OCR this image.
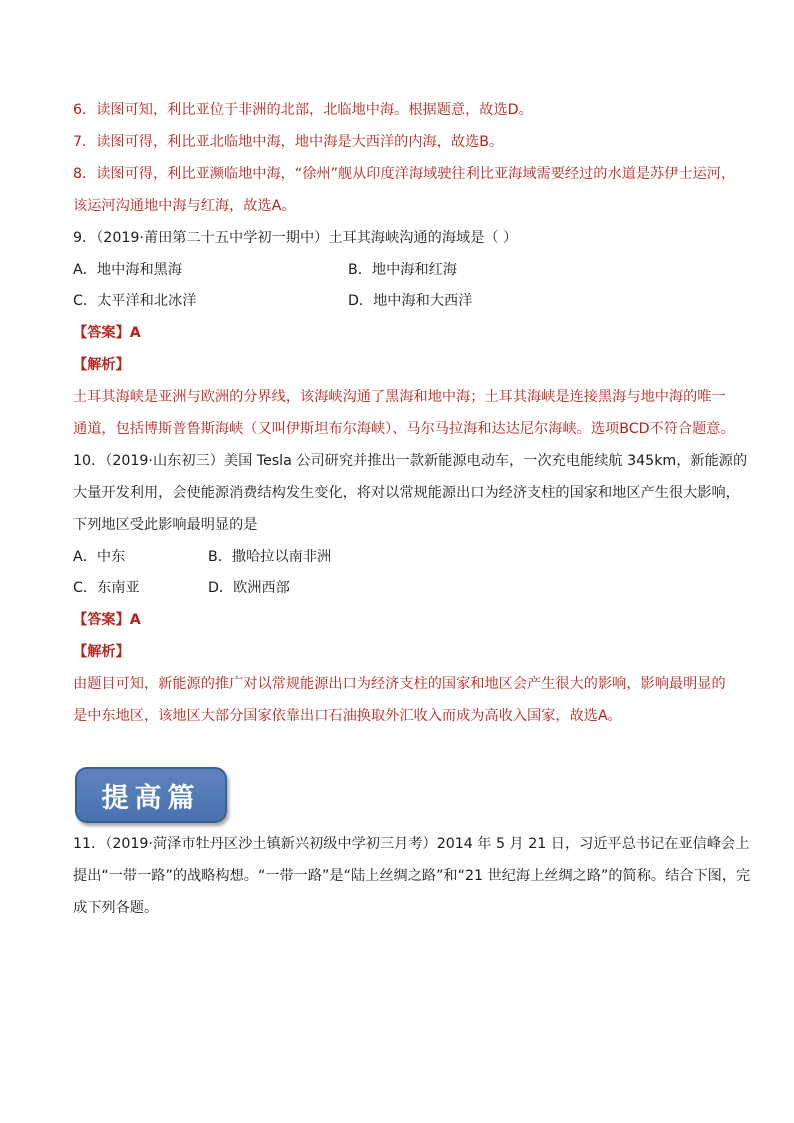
6．读图可知，利比亚位于非洲的北部，北临地中海。根据题意，故选D。
7．读图可得，利比亚北临地中海，地中海是大西洋的内海，故选B。
8．读图可得，利比亚濒临地中海，“徐州”舰从印度洋海域驶往利比亚海域需要经过的水道是苏伊士运河，
该运河沟通地中海与红海，故选A。
9．（2019·莆田第二十五中学初一期中）土耳其海峡沟通的海域是（ ）
A．地中海和黑海	B．地中海和红海
C．太平洋和北冰洋	D．地中海和大西洋
【答案】A
【解析】
土耳其海峡是亚洲与欧洲的分界线，该海峡沟通了黑海和地中海；土耳其海峡是连接黑海与地中海的唯一
通道，包括博斯普鲁斯海峡（又叫伊斯坦布尔海峡）、马尔马拉海和达达尼尔海峡。选项BCD不符合题意。
10．（2019·山东初三）美国 Tesla 公司研究并推出一款新能源电动车，一次充电能续航 345km，新能源的
大量开发利用，会使能源消费结构发生变化，将对以常规能源出口为经济支柱的国家和地区产生很大影响，
下列地区受此影响最明显的是
A．中东	B．撒哈拉以南非洲
C．东南亚	D．欧洲西部
【答案】A
【解析】
由题目可知，新能源的推广对以常规能源出口为经济支柱的国家和地区会产生很大的影响，影响最明显的
是中东地区，该地区大部分国家依靠出口石油换取外汇收入而成为高收入国家，故选A。
提高篇
11．（2019·菏泽市牡丹区沙土镇新兴初级中学初三月考）2014 年 5 月 21 日，习近平总书记在亚信峰会上
提出“一带一路”的战略构想。“一带一路”是“陆上丝绸之路”和“21 世纪海上丝绸之路”的简称。结合下图，完
成下列各题。
